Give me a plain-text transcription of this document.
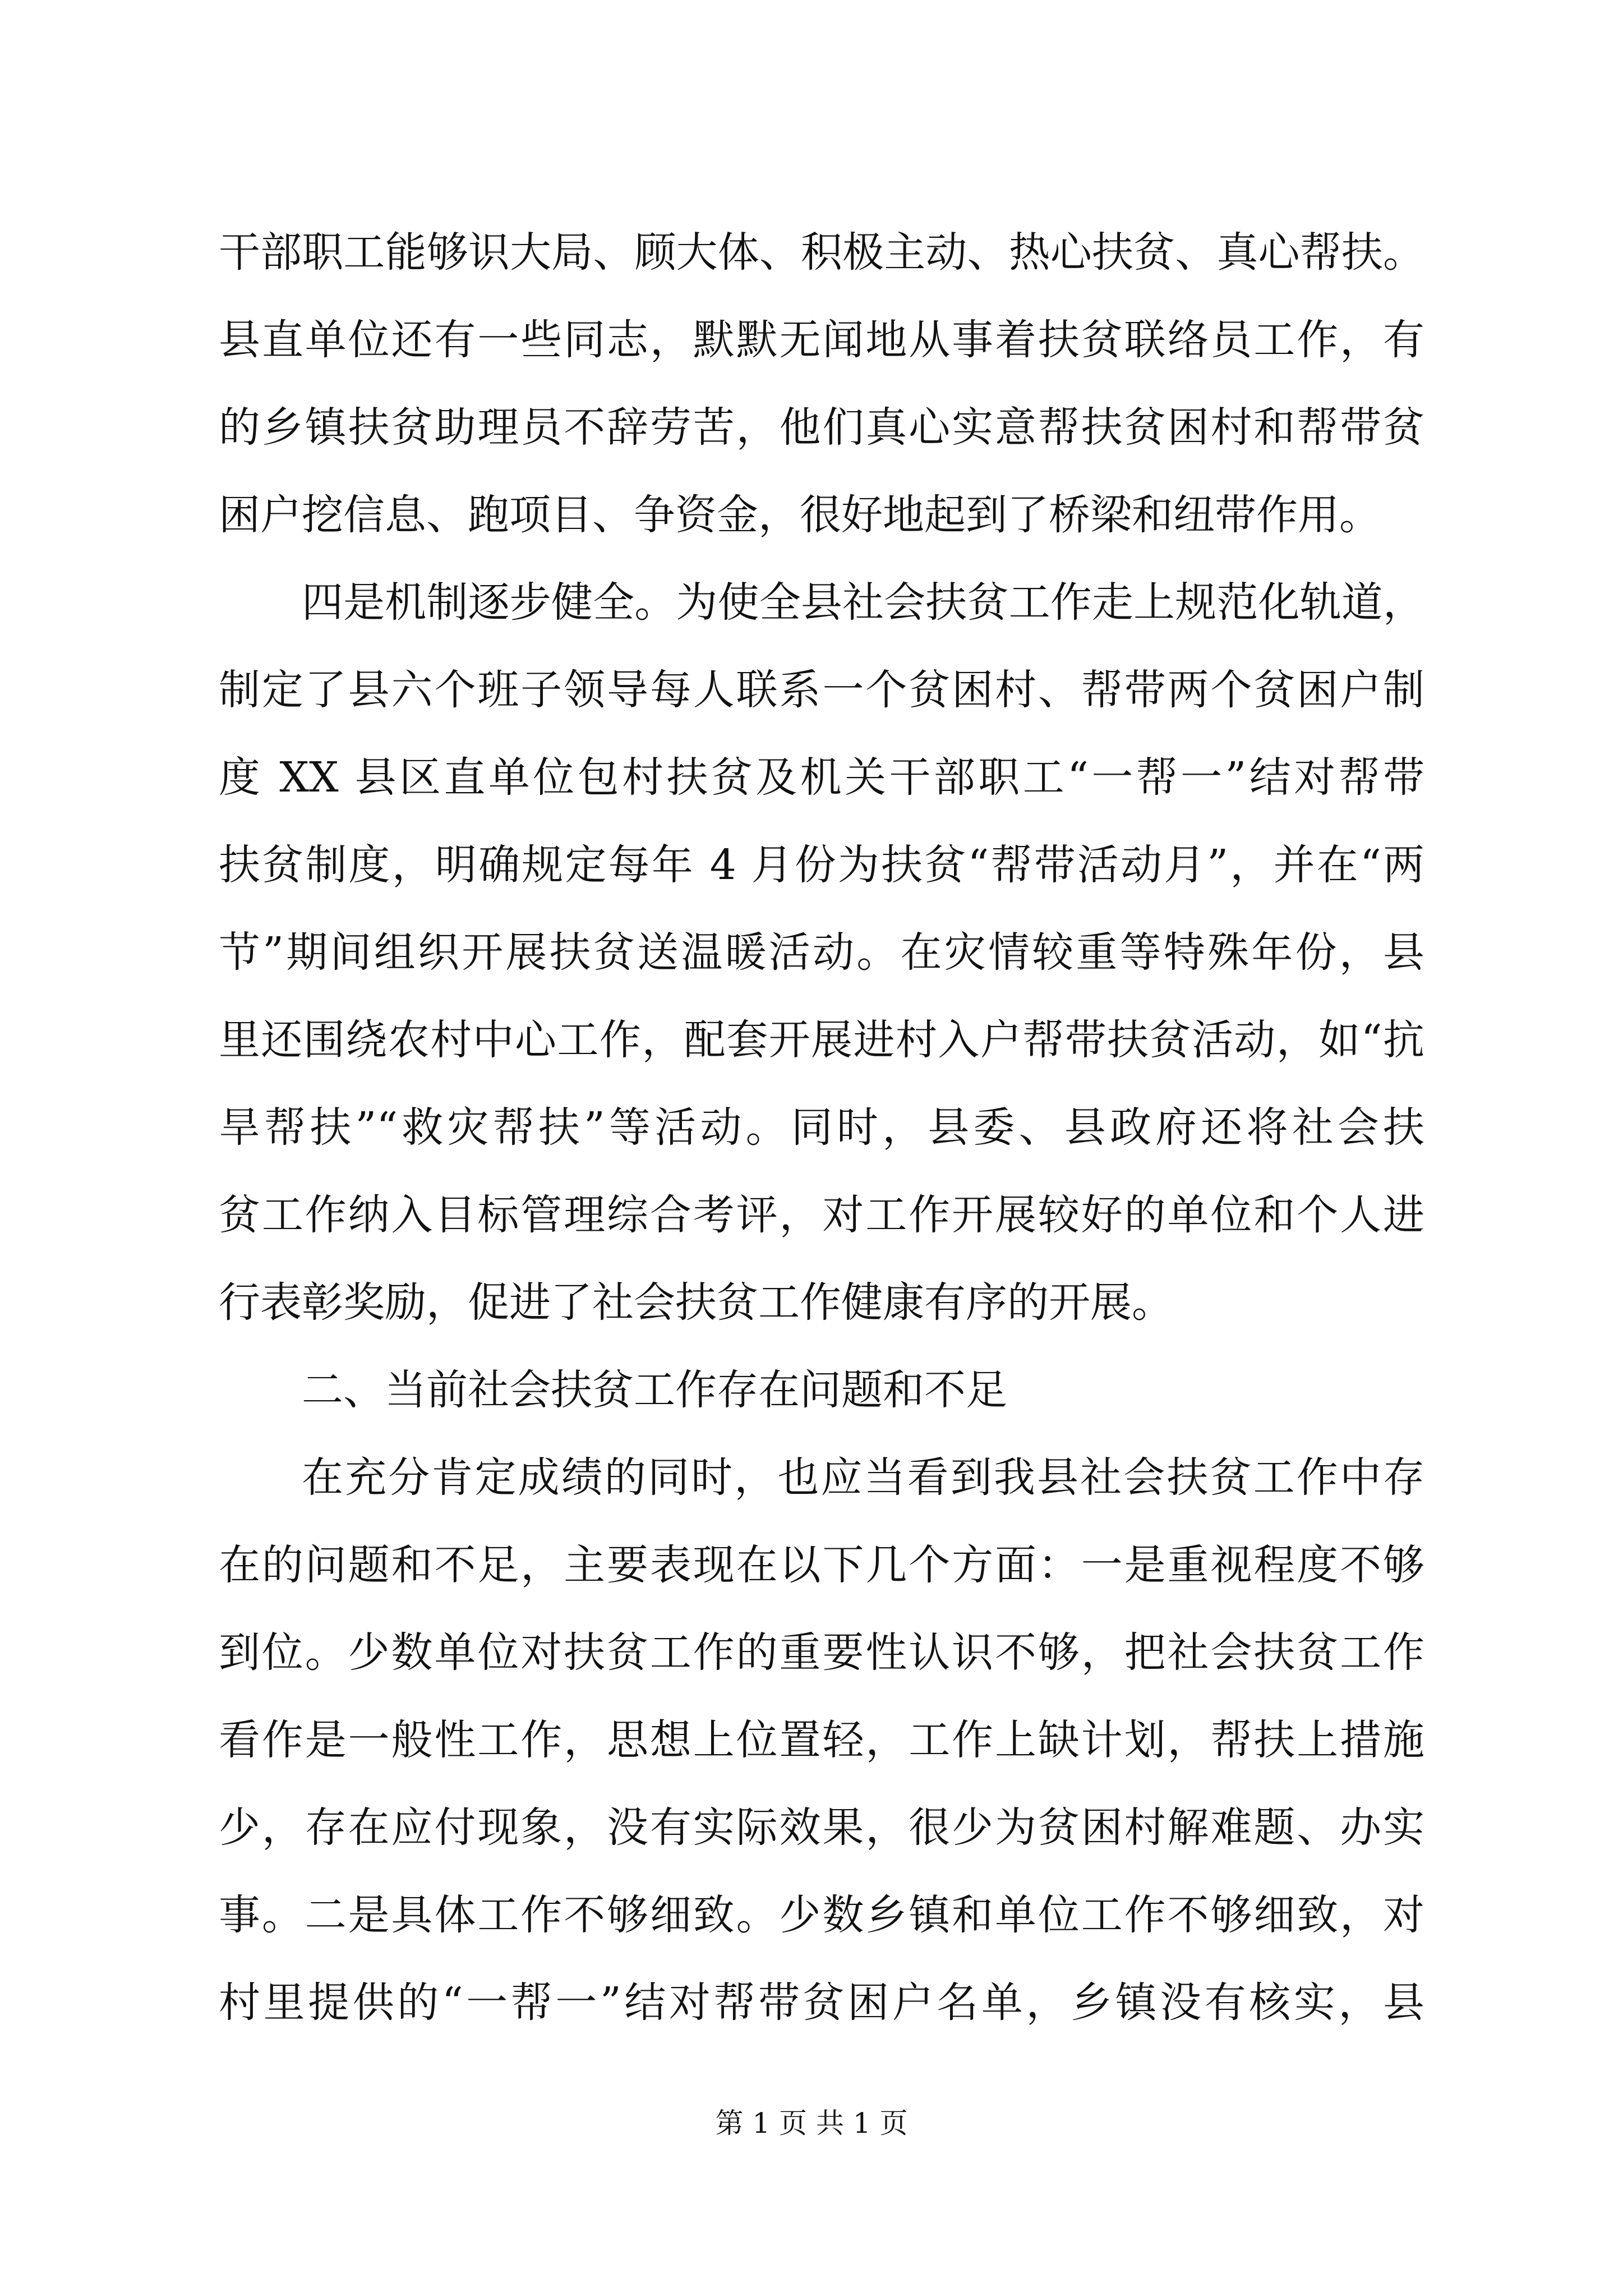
干部职工能够识大局、顾大体、积极主动、热心扶贫、真心帮扶。
县直单位还有一些同志，默默无闻地从事着扶贫联络员工作，有
的乡镇扶贫助理员不辞劳苦，他们真心实意帮扶贫困村和帮带贫
困户挖信息、跑项目、争资金，很好地起到了桥梁和纽带作用。
四是机制逐步健全。为使全县社会扶贫工作走上规范化轨道，
制定了县六个班子领导每人联系一个贫困村、帮带两个贫困户制
度 XX 县区直单位包村扶贫及机关干部职工“一帮一”结对帮带
扶贫制度，明确规定每年 4 月份为扶贫“帮带活动月”，并在“两
节”期间组织开展扶贫送温暖活动。在灾情较重等特殊年份，县
里还围绕农村中心工作，配套开展进村入户帮带扶贫活动，如“抗
旱帮扶”“救灾帮扶”等活动。同时，县委、县政府还将社会扶
贫工作纳入目标管理综合考评，对工作开展较好的单位和个人进
行表彰奖励，促进了社会扶贫工作健康有序的开展。
二、当前社会扶贫工作存在问题和不足
在充分肯定成绩的同时，也应当看到我县社会扶贫工作中存
在的问题和不足，主要表现在以下几个方面：一是重视程度不够
到位。少数单位对扶贫工作的重要性认识不够，把社会扶贫工作
看作是一般性工作，思想上位置轻，工作上缺计划，帮扶上措施
少，存在应付现象，没有实际效果，很少为贫困村解难题、办实
事。二是具体工作不够细致。少数乡镇和单位工作不够细致，对
村里提供的“一帮一”结对帮带贫困户名单，乡镇没有核实，县
第 1 页 共 1 页
